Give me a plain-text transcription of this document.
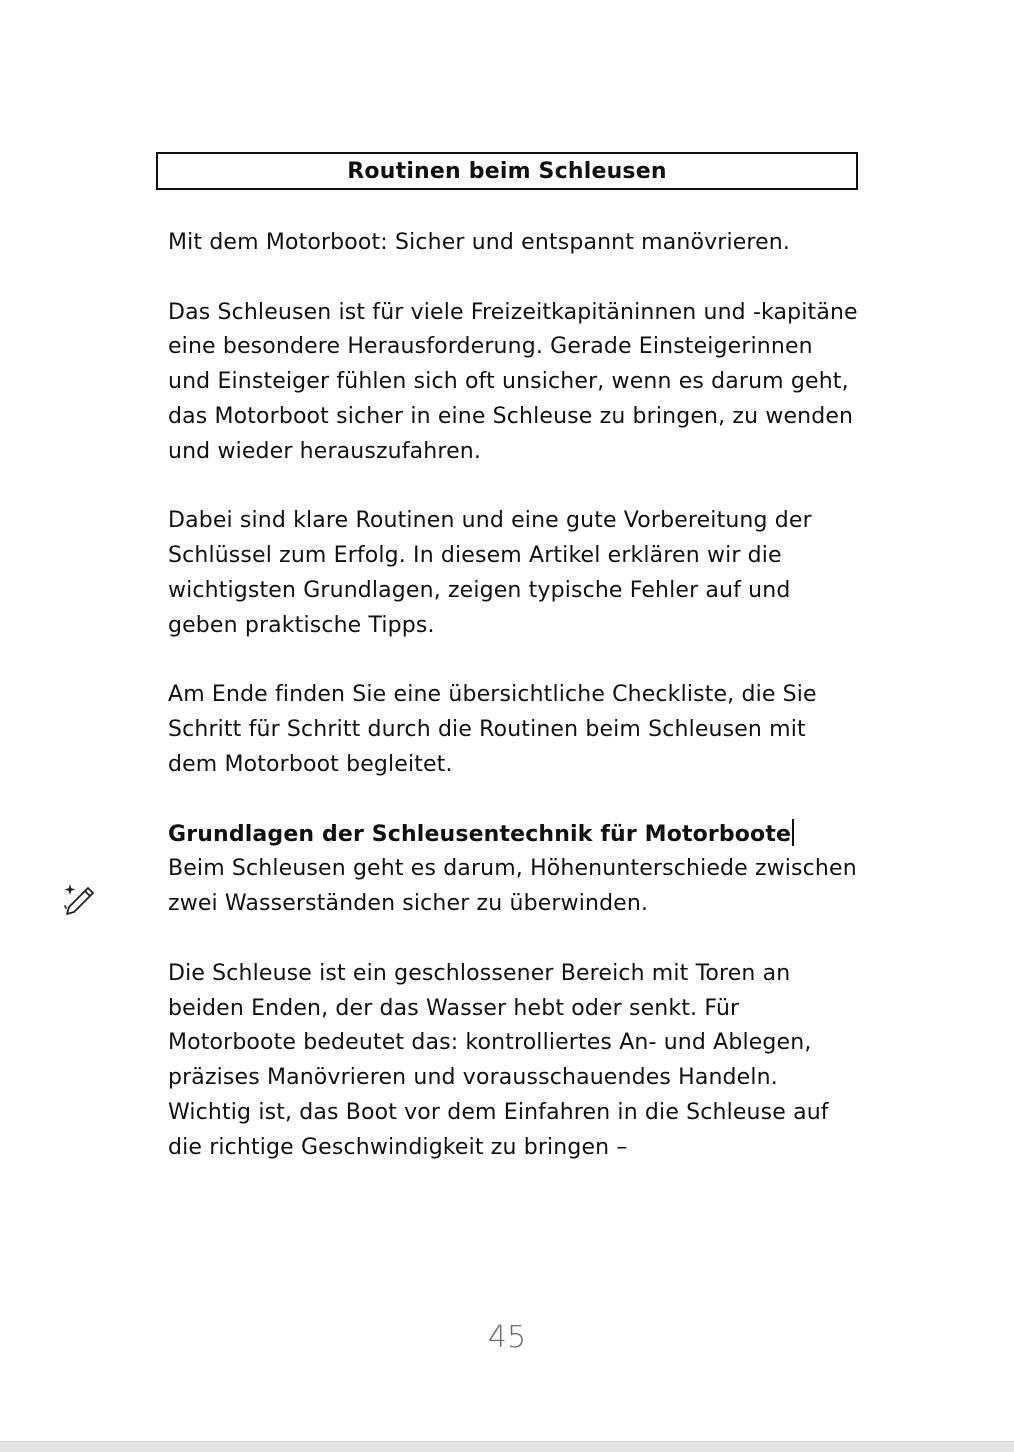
Routinen beim Schleusen

Mit dem Motorboot: Sicher und entspannt manövrieren.

Das Schleusen ist für viele Freizeitkapitäninnen und -kapitäne eine besondere Herausforderung. Gerade Einsteigerinnen und Einsteiger fühlen sich oft unsicher, wenn es darum geht, das Motorboot sicher in eine Schleuse zu bringen, zu wenden und wieder herauszufahren.

Dabei sind klare Routinen und eine gute Vorbereitung der Schlüssel zum Erfolg. In diesem Artikel erklären wir die wichtigsten Grundlagen, zeigen typische Fehler auf und geben praktische Tipps.

Am Ende finden Sie eine übersichtliche Checkliste, die Sie Schritt für Schritt durch die Routinen beim Schleusen mit dem Motorboot begleitet.

Grundlagen der Schleusentechnik für Motorboote

Beim Schleusen geht es darum, Höhenunterschiede zwischen zwei Wasserständen sicher zu überwinden.

Die Schleuse ist ein geschlossener Bereich mit Toren an beiden Enden, der das Wasser hebt oder senkt. Für Motorboote bedeutet das: kontrolliertes An- und Ablegen, präzises Manövrieren und vorausschauendes Handeln.

Wichtig ist, das Boot vor dem Einfahren in die Schleuse auf die richtige Geschwindigkeit zu bringen –

45
